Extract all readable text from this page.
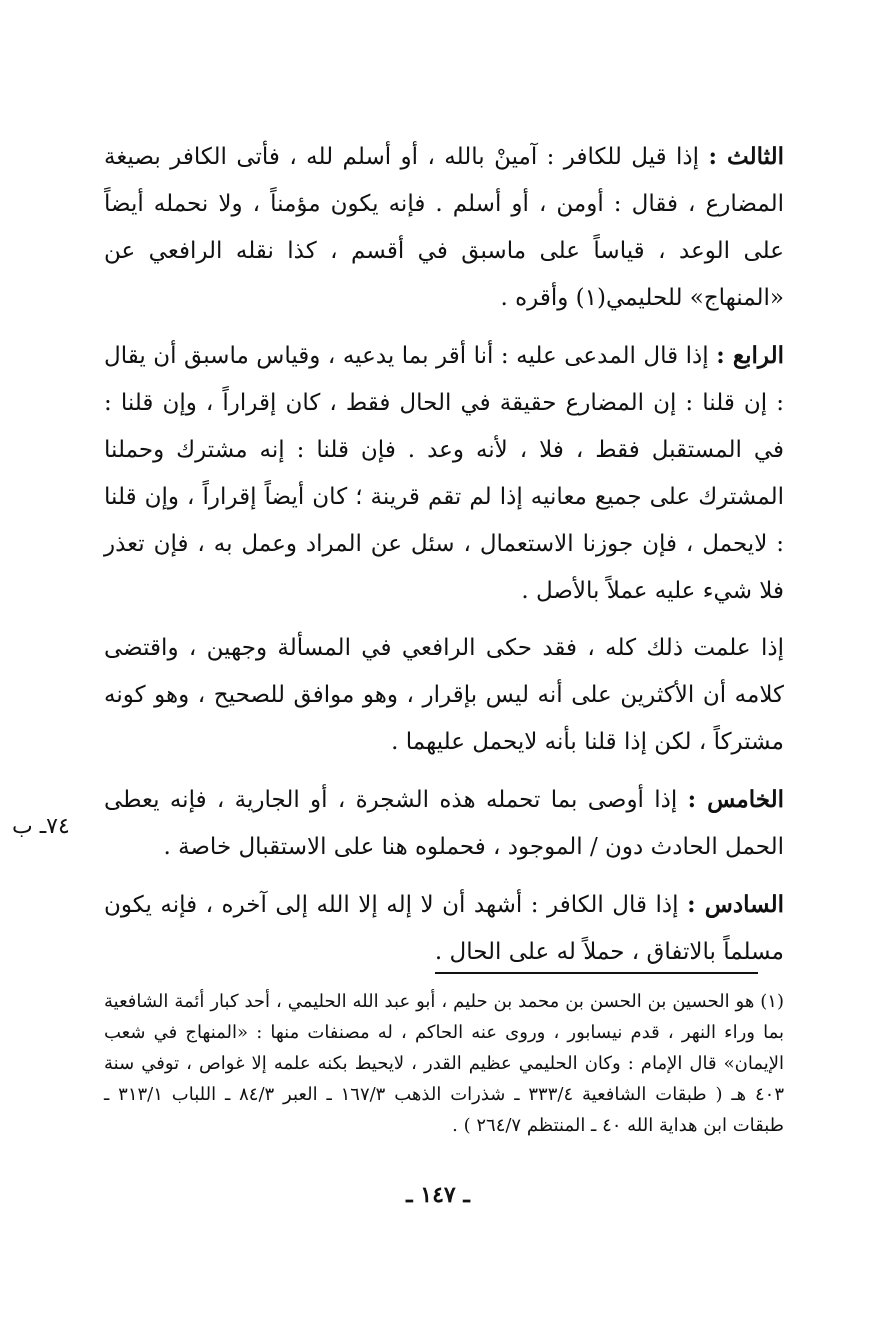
الثالث : إذا قيل للكافر : آمينْ بالله ، أو أسلم لله ، فأتى الكافر بصيغة المضارع ، فقال : أومن ، أو أسلم . فإنه يكون مؤمناً ، ولا نحمله أيضاً على الوعد ، قياساً على ماسبق في أقسم ، كذا نقله الرافعي عن «المنهاج» للحليمي(١) وأقره .

الرابع : إذا قال المدعى عليه : أنا أقر بما يدعيه ، وقياس ماسبق أن يقال : إن قلنا : إن المضارع حقيقة في الحال فقط ، كان إقراراً ، وإن قلنا : في المستقبل فقط ، فلا ، لأنه وعد . فإن قلنا : إنه مشترك وحملنا المشترك على جميع معانيه إذا لم تقم قرينة ؛ كان أيضاً إقراراً ، وإن قلنا : لايحمل ، فإن جوزنا الاستعمال ، سئل عن المراد وعمل به ، فإن تعذر فلا شيء عليه عملاً بالأصل .

إذا علمت ذلك كله ، فقد حكى الرافعي في المسألة وجهين ، واقتضى كلامه أن الأكثرين على أنه ليس بإقرار ، وهو موافق للصحيح ، وهو كونه مشتركاً ، لكن إذا قلنا بأنه لايحمل عليهما .

الخامس : إذا أوصى بما تحمله هذه الشجرة ، أو الجارية ، فإنه يعطى الحمل الحادث دون / الموجود ، فحملوه هنا على الاستقبال خاصة .

السادس : إذا قال الكافر : أشهد أن لا إله إلا الله إلى آخره ، فإنه يكون مسلماً بالاتفاق ، حملاً له على الحال .

٧٤ـ ب

(١) هو الحسين بن الحسن بن محمد بن حليم ، أبو عبد الله الحليمي ، أحد كبار أئمة الشافعية بما وراء النهر ، قدم نيسابور ، وروى عنه الحاكم ، له مصنفات منها : «المنهاج في شعب الإيمان» قال الإمام : وكان الحليمي عظيم القدر ، لايحيط بكنه علمه إلا غواص ، توفي سنة ٤٠٣ هـ ( طبقات الشافعية ٣٣٣/٤ ـ شذرات الذهب ١٦٧/٣ ـ العبر ٨٤/٣ ـ اللباب ٣١٣/١ ـ طبقات ابن هداية الله ٤٠ ـ المنتظم ٢٦٤/٧ ) .

ـ ١٤٧ ـ
